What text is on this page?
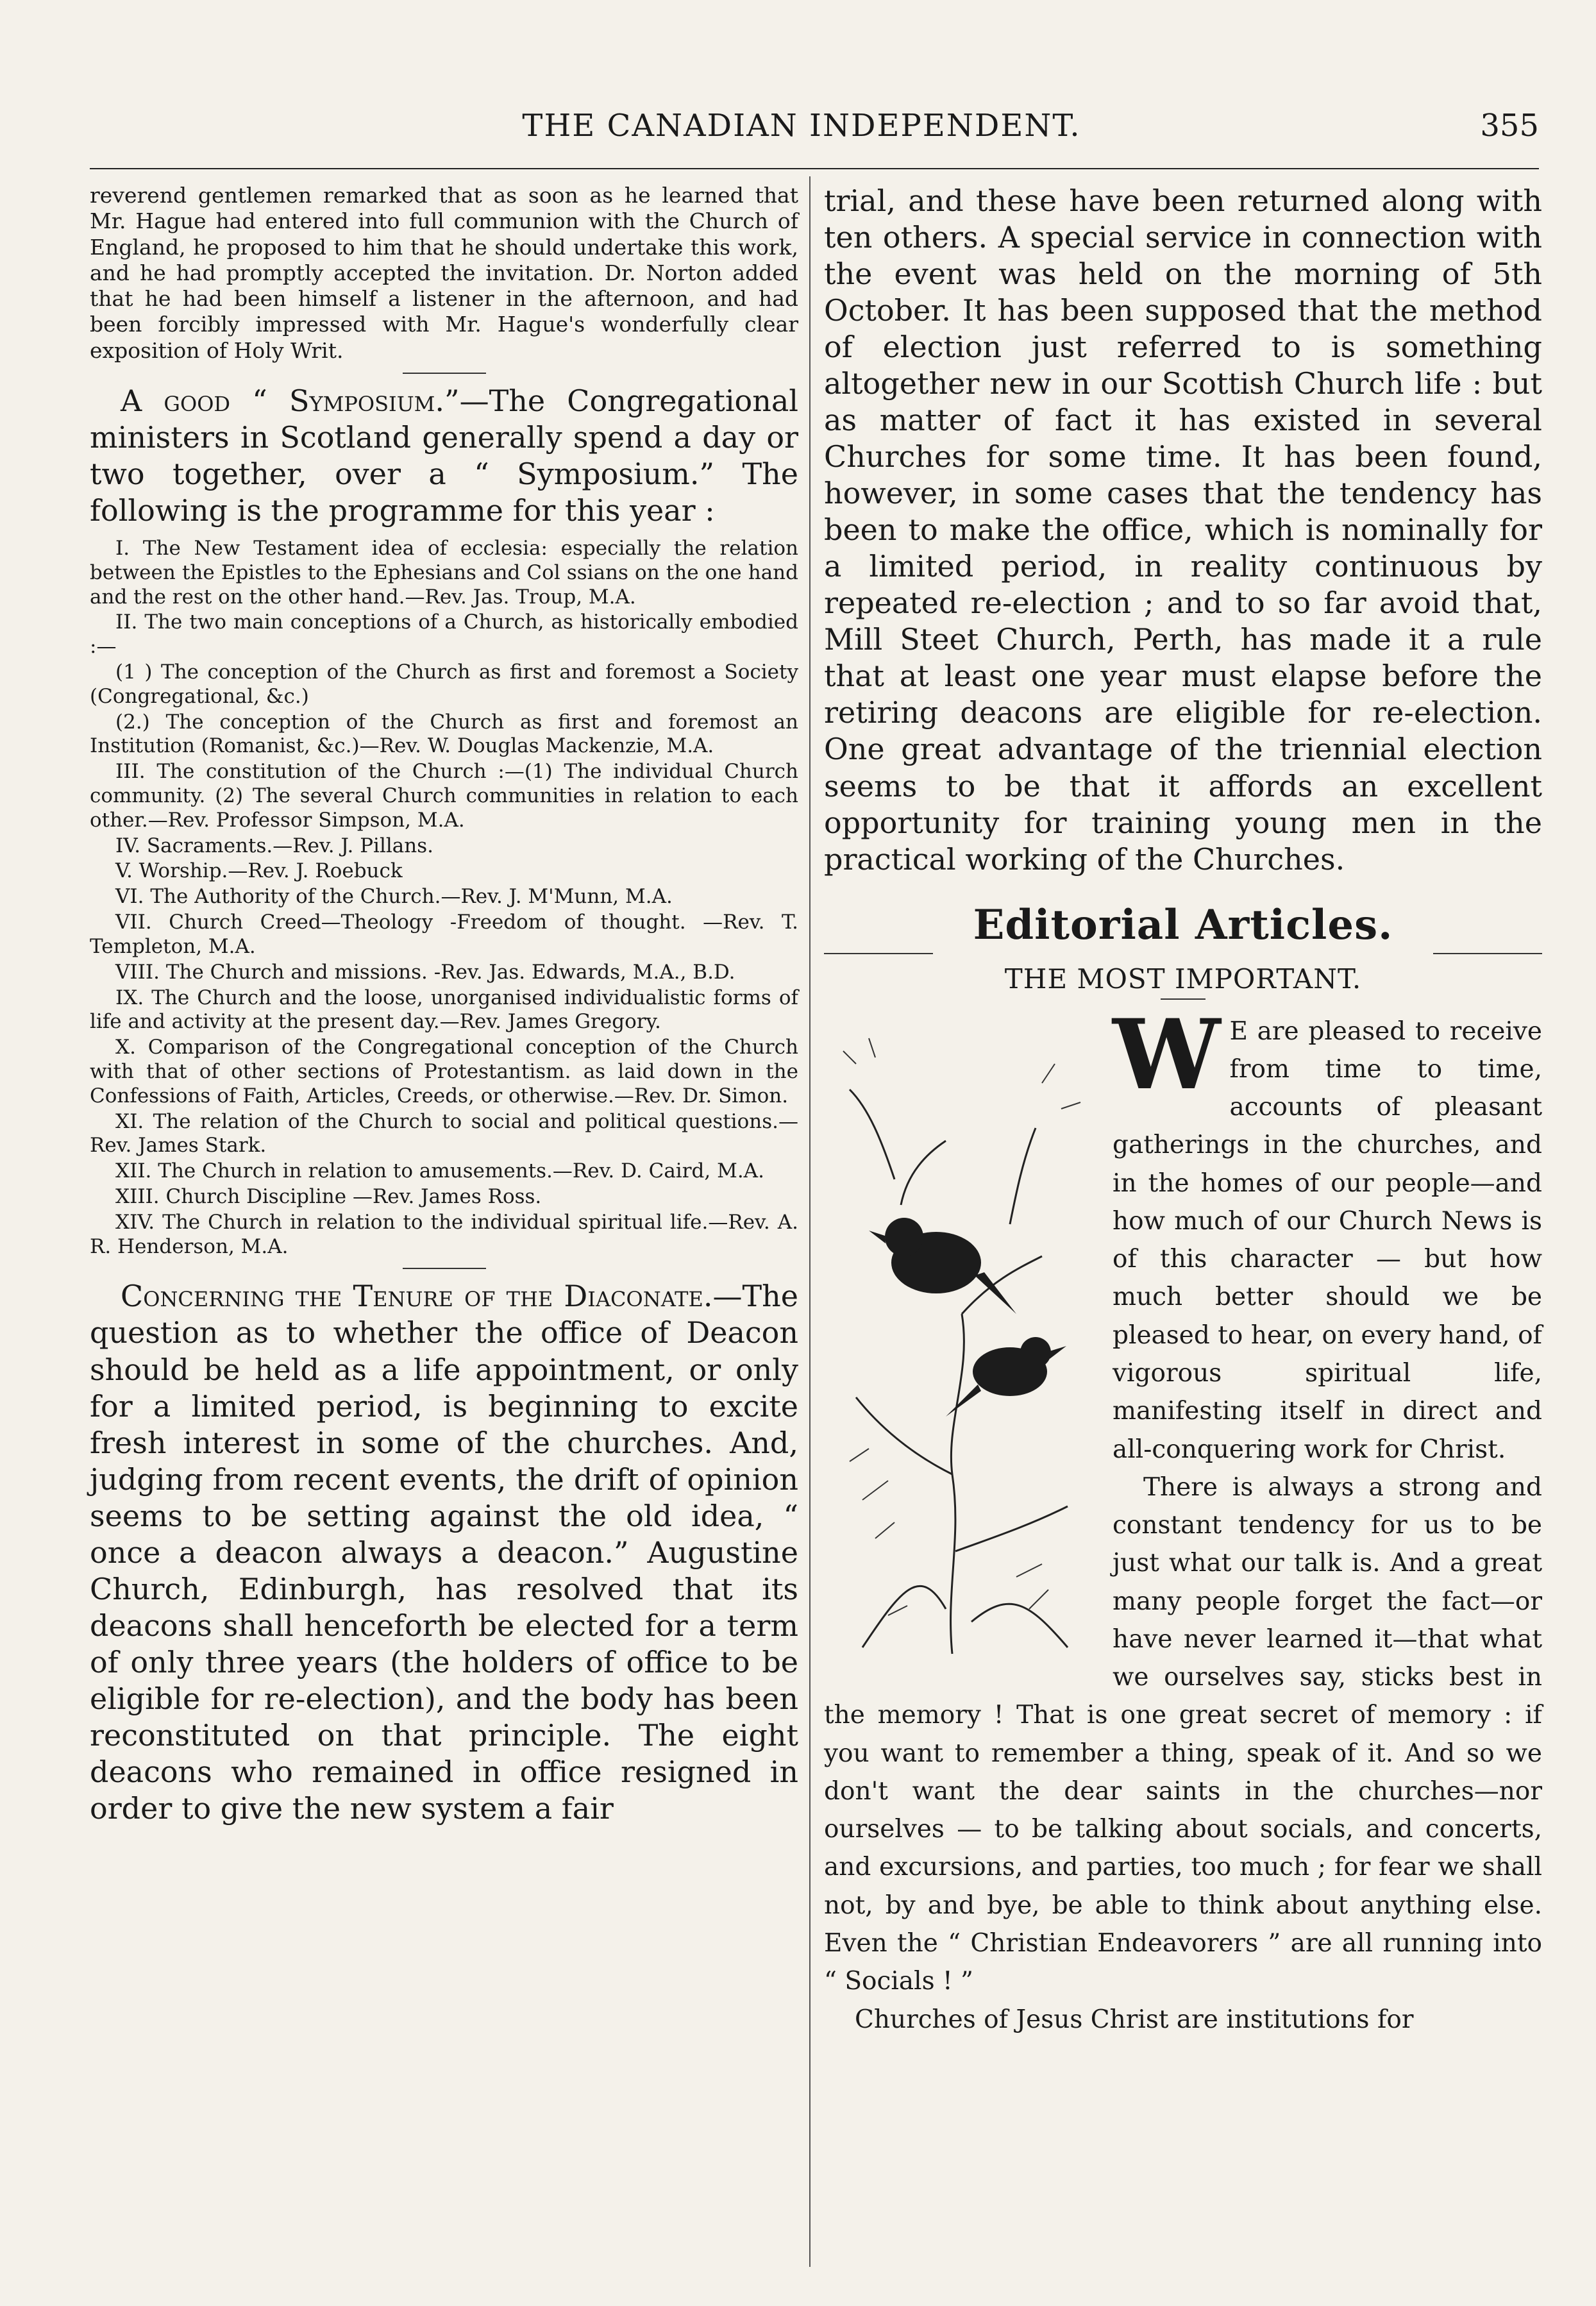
THE CANADIAN INDEPENDENT.	355

reverend gentlemen remarked that as soon as he learned that Mr. Hague had entered into full communion with the Church of England, he proposed to him that he should undertake this work, and he had promptly accepted the invitation. Dr. Norton added that he had been himself a listener in the afternoon, and had been forcibly impressed with Mr. Hague's wonderfully clear exposition of Holy Writ.

A good “ Symposium.”—The Congregational ministers in Scotland generally spend a day or two together, over a “ Symposium.” The following is the programme for this year :

I. The New Testament idea of ecclesia: especially the relation between the Epistles to the Ephesians and Col ssians on the one hand and the rest on the other hand.—Rev. Jas. Troup, M.A.

II. The two main conceptions of a Church, as historically embodied :—

(1 ) The conception of the Church as first and foremost a Society (Congregational, &c.)

(2.) The conception of the Church as first and foremost an Institution (Romanist, &c.)—Rev. W. Douglas Mackenzie, M.A.

III. The constitution of the Church :—(1) The individual Church community. (2) The several Church communities in relation to each other.—Rev. Professor Simpson, M.A.

IV. Sacraments.—Rev. J. Pillans.

V. Worship.—Rev. J. Roebuck

VI. The Authority of the Church.—Rev. J. M'Munn, M.A.

VII. Church Creed—Theology -Freedom of thought. —Rev. T. Templeton, M.A.

VIII. The Church and missions. -Rev. Jas. Edwards, M.A., B.D.

IX. The Church and the loose, unorganised individualistic forms of life and activity at the present day.—Rev. James Gregory.

X. Comparison of the Congregational conception of the Church with that of other sections of Protestantism. as laid down in the Confessions of Faith, Articles, Creeds, or otherwise.—Rev. Dr. Simon.

XI. The relation of the Church to social and political questions.—Rev. James Stark.

XII. The Church in relation to amusements.—Rev. D. Caird, M.A.

XIII. Church Discipline —Rev. James Ross.

XIV. The Church in relation to the individual spiritual life.—Rev. A. R. Henderson, M.A.

Concerning the Tenure of the Diaconate.—The question as to whether the office of Deacon should be held as a life appointment, or only for a limited period, is beginning to excite fresh interest in some of the churches. And, judging from recent events, the drift of opinion seems to be setting against the old idea, “ once a deacon always a deacon.” Augustine Church, Edinburgh, has resolved that its deacons shall henceforth be elected for a term of only three years (the holders of office to be eligible for re-election), and the body has been reconstituted on that principle. The eight deacons who remained in office resigned in order to give the new system a fair

trial, and these have been returned along with ten others. A special service in connection with the event was held on the morning of 5th October. It has been supposed that the method of election just referred to is something altogether new in our Scottish Church life : but as matter of fact it has existed in several Churches for some time. It has been found, however, in some cases that the tendency has been to make the office, which is nominally for a limited period, in reality continuous by repeated re-election ; and to so far avoid that, Mill Steet Church, Perth, has made it a rule that at least one year must elapse before the retiring deacons are eligible for re-election. One great advantage of the triennial election seems to be that it affords an excellent opportunity for training young men in the practical working of the Churches.

Editorial Articles.
THE MOST IMPORTANT.

W E are pleased to receive from time to time, accounts of pleasant gatherings in the churches, and in the homes of our people—and how much of our Church News is of this character — but how much better should we be pleased to hear, on every hand, of vigorous spiritual life, manifesting itself in direct and all-conquering work for Christ.

There is always a strong and constant tendency for us to be just what our talk is. And a great many people forget the fact—or have never learned it—that what we ourselves say, sticks best in the memory ! That is one great secret of memory : if you want to remember a thing, speak of it. And so we don't want the dear saints in the churches—nor ourselves — to be talking about socials, and concerts, and excursions, and parties, too much ; for fear we shall not, by and bye, be able to think about anything else. Even the “ Christian Endeavorers ” are all running into “ Socials ! ”

Churches of Jesus Christ are institutions for
